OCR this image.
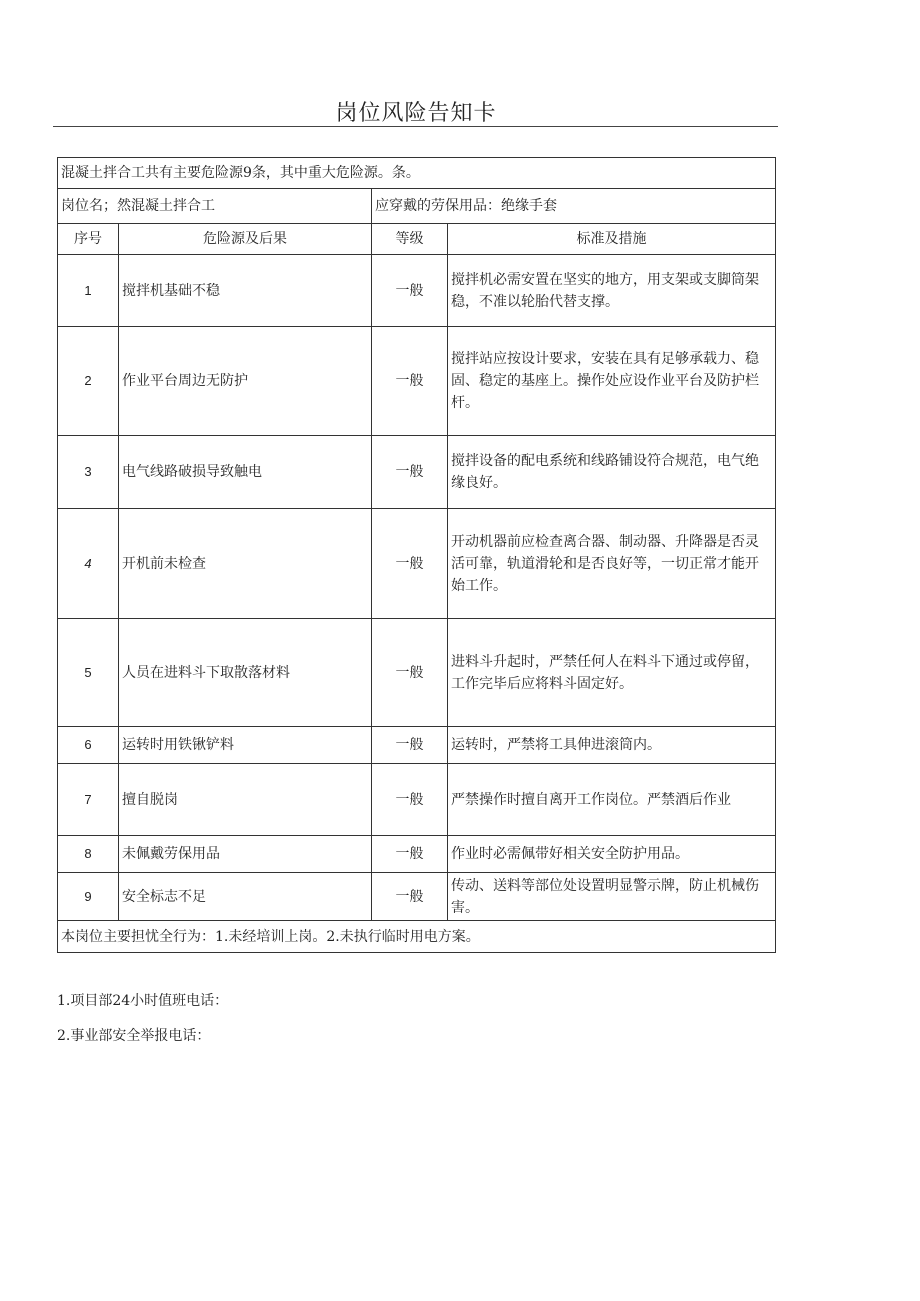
岗位风险告知卡
混凝土拌合工共有主要危险源9条，其中重大危险源。条。			
岗位名；然混凝土拌合工		应穿戴的劳保用品：绝缘手套	
序号	危险源及后果	等级	标准及措施
1	搅拌机基础不稳	一般	搅拌机必需安置在坚实的地方，用支架或支脚筒架稳，不准以轮胎代替支撑。
2	作业平台周边无防护	一般	搅拌站应按设计要求，安装在具有足够承载力、稳固、稳定的基座上。操作处应设作业平台及防护栏杆。
3	电气线路破损导致触电	一般	搅拌设备的配电系统和线路铺设符合规范，电气绝缘良好。
4	开机前未检查	一般	开动机器前应检查离合器、制动器、升降器是否灵活可靠，轨道滑轮和是否良好等，一切正常才能开始工作。
5	人员在进料斗下取散落材料	一般	进料斗升起时，严禁任何人在料斗下通过或停留，工作完毕后应将料斗固定好。
6	运转时用铁锹铲料	一般	运转时，严禁将工具伸进滚筒内。
7	擅自脱岗	一般	严禁操作时擅自离开工作岗位。严禁酒后作业
8	未佩戴劳保用品	一般	作业时必需佩带好相关安全防护用品。
9	安全标志不足	一般	传动、送料等部位处设置明显警示牌，防止机械伤害。
本岗位主要担忧全行为：1.未经培训上岗。2.未执行临时用电方案。			
1.项目部24小时值班电话：
2.事业部安全举报电话：
